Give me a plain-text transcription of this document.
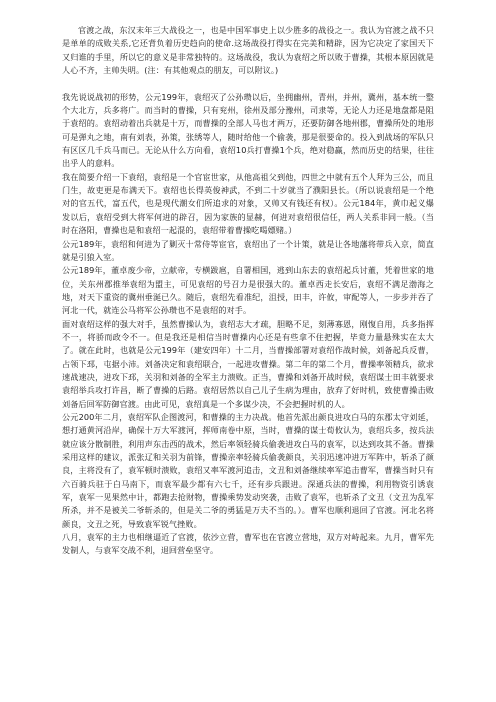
官渡之战，东汉末年三大战役之一，也是中国军事史上以少胜多的战役之一。我认为官渡之战不只是单单的成败关系,它还背负着历史趋向的使命.这场战役打得实在完美和精辟，因为它决定了家国天下又归谁的手里，所以它的意义是非常独特的。这场战役，我认为袁绍之所以败于曹操，其根本原因就是人心不齐，主帅失明。(注：有其他观点的朋友，可以附议。)

我先说说战初的形势，公元199年，袁绍灭了公孙瓒以后，坐拥幽州，青州，并州，冀州，基本统一整个大北方，兵多将广。而当时的曹操，只有兖州，徐州及部分豫州，司隶等，无论人力还是地盘都是阻于袁绍的。袁绍动着出兵就是十万，而曹操的全部人马也才两万，还要防御各地州郡，曹操所处的地形可是弹丸之地，南有刘表，孙策，张绣等人，随时给他一个偷袭，那是很要命的。投入到战场的军队只有区区几千兵马而已。无论从什么方向看，袁绍10兵打曹操1个兵，绝对稳赢，然而历史的结果，往往出乎人的意料。

我在简要介绍一下袁绍，袁绍是一个官宦世家，从他高祖父到他，四世之中就有五个人拜为三公，而且门生，故吏更是布满天下。袁绍也长得英俊神武，不到二十岁就当了濮阳县长。（所以说袁绍是一个绝对的官五代，富五代，也是现代潮女们所追求的对象，又帅又有钱还有权）。公元184年，黄巾起义爆发以后，袁绍受到大将军何进的辟召，因为家族的显赫，何进对袁绍很信任，两人关系非同一般。（当时在洛阳，曹操也是和袁绍一起混的，袁绍带着曹操吃喝嫖赌。）

公元189年，袁绍和何进为了剿灭十常侍等宦官，袁绍出了一个计策，就是让各地藩将带兵入京，简直就是引狼入室。

公元189年，董卓废少帝，立献帝，专横跋扈，自署相国，逃到山东去的袁绍起兵讨董，凭着世家的地位，关东州郡推举袁绍为盟主，可见袁绍的号召力是很强大的。董卓西走长安后，袁绍不满足渤海之地，对天下重资的冀州垂涎已久。随后，袁绍先看准纪，沮授，田丰，许攸，审配等人，一步步并吞了河北一代，就连公马将军公孙瓒也不是袁绍的对手。

面对袁绍这样的强大对手，虽然曹操认为，袁绍志大才疏，胆略不足，刻薄寡恩，刚愎自用，兵多指挥不一，将骄而政令不一。但是我还是相信当时曹操内心还是有些拿不住把握，毕竟力量悬殊实在太大了。就在此时，也就是公元199年（建安四年）十二月，当曹操部署对袁绍作战时候，刘备起兵反曹，占领下邳，屯据小沛。刘备决定和袁绍联合，一起进攻曹操。第二年的第二个月，曹操率领精兵，欲求速战速决，进攻下邳，关羽和刘备的全军主力溃败。正当，曹操和刘备开战时候，袁绍谋士田丰就要求袁绍举兵攻打许昌，断了曹操的后路。袁绍居然以自己儿子生病为理由，放弃了好时机，致使曹操击败刘备后回军防御官渡。由此可见，袁绍真是一个多谋少决，不会把握时机的人。

公元200年二月，袁绍军队企图渡河，和曹操的主力决战。他首先派出颜良进攻白马的东郡太守刘延，想打通黄河沿岸，确保十万大军渡河，挥师南卷中原，当时，曹操的谋士荀攸认为，袁绍兵多，按兵法就应该分散制胜，利用声东击西的战术，然后率领轻骑兵偷袭进攻白马的袁军，以达到攻其不备。曹操采用这样的建议，派张辽和关羽为前锋，曹操亲率轻骑兵偷袭颜良，关羽迅速冲进万军阵中，斩杀了颜良，主将没有了，袁军顿时溃败，袁绍又率军渡河追击，文丑和刘备继续率军追击曹军，曹操当时只有六百骑兵驻于白马南下，而袁军最少都有六七千，还有步兵跟进。深通兵法的曹操，利用物资引诱袁军，袁军一见果然中计，都跑去抢财物，曹操乘势发动突袭，击败了袁军，也斩杀了文丑（文丑为乱军所杀，并不是被关二爷斩杀的，但是关二爷的勇猛是万夫不当的。）。曹军也顺利退回了官渡。河北名将颜良，文丑之死，导致袁军锐气挫败。

八月，袁军的主力也相继逼近了官渡，依沙立营，曹军也在官渡立营地，双方对峙起来。九月，曹军先发制人，与袁军交战不利，退回营垒坚守。
